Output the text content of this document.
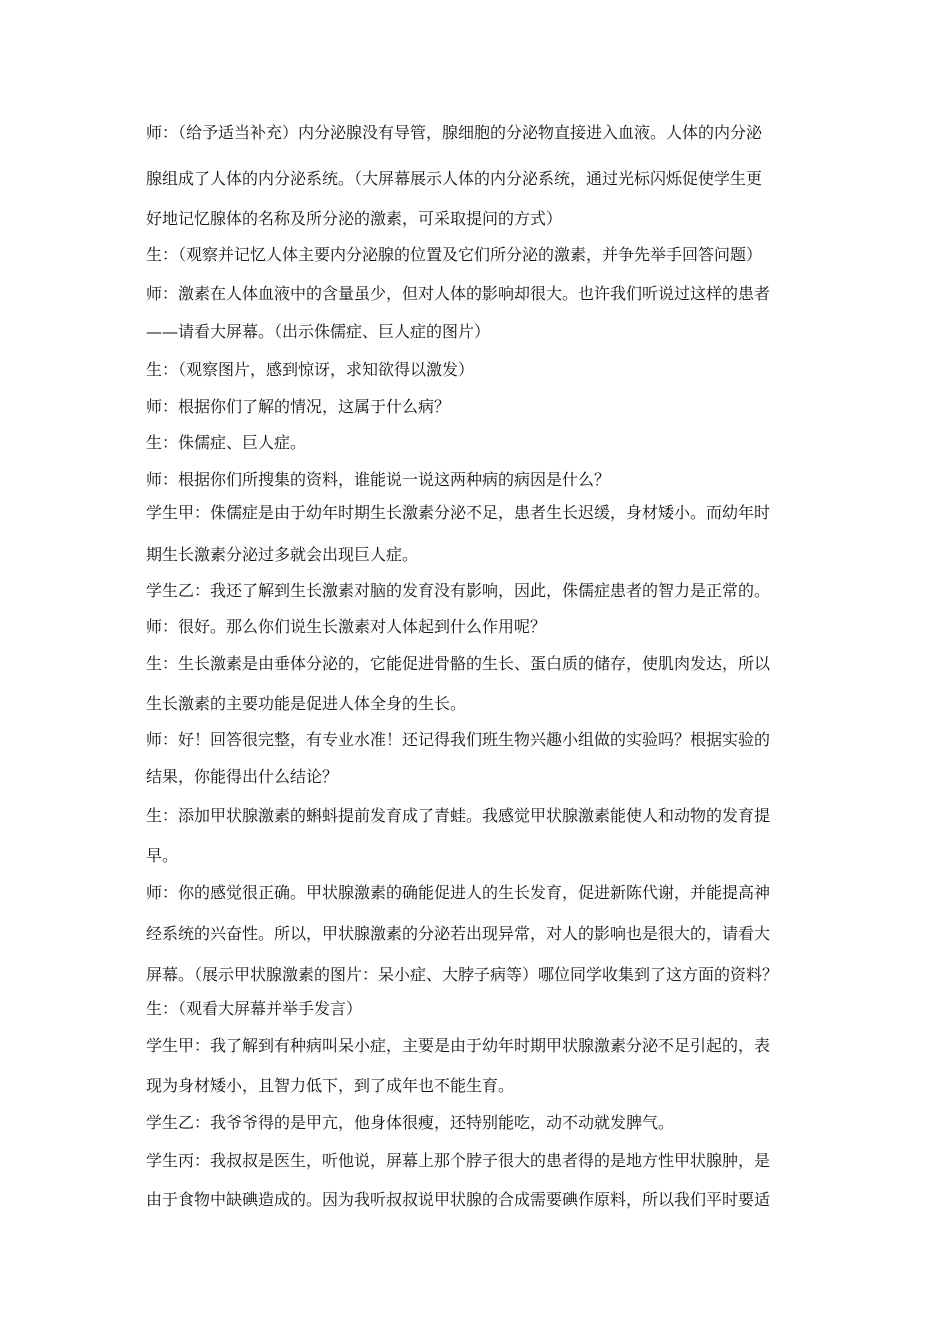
师：（给予适当补充）内分泌腺没有导管，腺细胞的分泌物直接进入血液。人体的内分泌
腺组成了人体的内分泌系统。（大屏幕展示人体的内分泌系统，通过光标闪烁促使学生更
好地记忆腺体的名称及所分泌的激素，可采取提问的方式）
生：（观察并记忆人体主要内分泌腺的位置及它们所分泌的激素，并争先举手回答问题）
师：激素在人体血液中的含量虽少，但对人体的影响却很大。也许我们听说过这样的患者
——请看大屏幕。（出示侏儒症、巨人症的图片）
生：（观察图片，感到惊讶，求知欲得以激发）
师：根据你们了解的情况，这属于什么病？
生：侏儒症、巨人症。
师：根据你们所搜集的资料，谁能说一说这两种病的病因是什么？
学生甲：侏儒症是由于幼年时期生长激素分泌不足，患者生长迟缓，身材矮小。而幼年时
期生长激素分泌过多就会出现巨人症。
学生乙：我还了解到生长激素对脑的发育没有影响，因此，侏儒症患者的智力是正常的。
师：很好。那么你们说生长激素对人体起到什么作用呢？
生：生长激素是由垂体分泌的，它能促进骨骼的生长、蛋白质的储存，使肌肉发达，所以
生长激素的主要功能是促进人体全身的生长。
师：好！回答很完整，有专业水准！还记得我们班生物兴趣小组做的实验吗？根据实验的
结果，你能得出什么结论？
生：添加甲状腺激素的蝌蚪提前发育成了青蛙。我感觉甲状腺激素能使人和动物的发育提
早。
师：你的感觉很正确。甲状腺激素的确能促进人的生长发育，促进新陈代谢，并能提高神
经系统的兴奋性。所以，甲状腺激素的分泌若出现异常，对人的影响也是很大的，请看大
屏幕。（展示甲状腺激素的图片：呆小症、大脖子病等）哪位同学收集到了这方面的资料？
生：（观看大屏幕并举手发言）
学生甲：我了解到有种病叫呆小症，主要是由于幼年时期甲状腺激素分泌不足引起的，表
现为身材矮小，且智力低下，到了成年也不能生育。
学生乙：我爷爷得的是甲亢，他身体很瘦，还特别能吃，动不动就发脾气。
学生丙：我叔叔是医生，听他说，屏幕上那个脖子很大的患者得的是地方性甲状腺肿，是
由于食物中缺碘造成的。因为我听叔叔说甲状腺的合成需要碘作原料，所以我们平时要适
